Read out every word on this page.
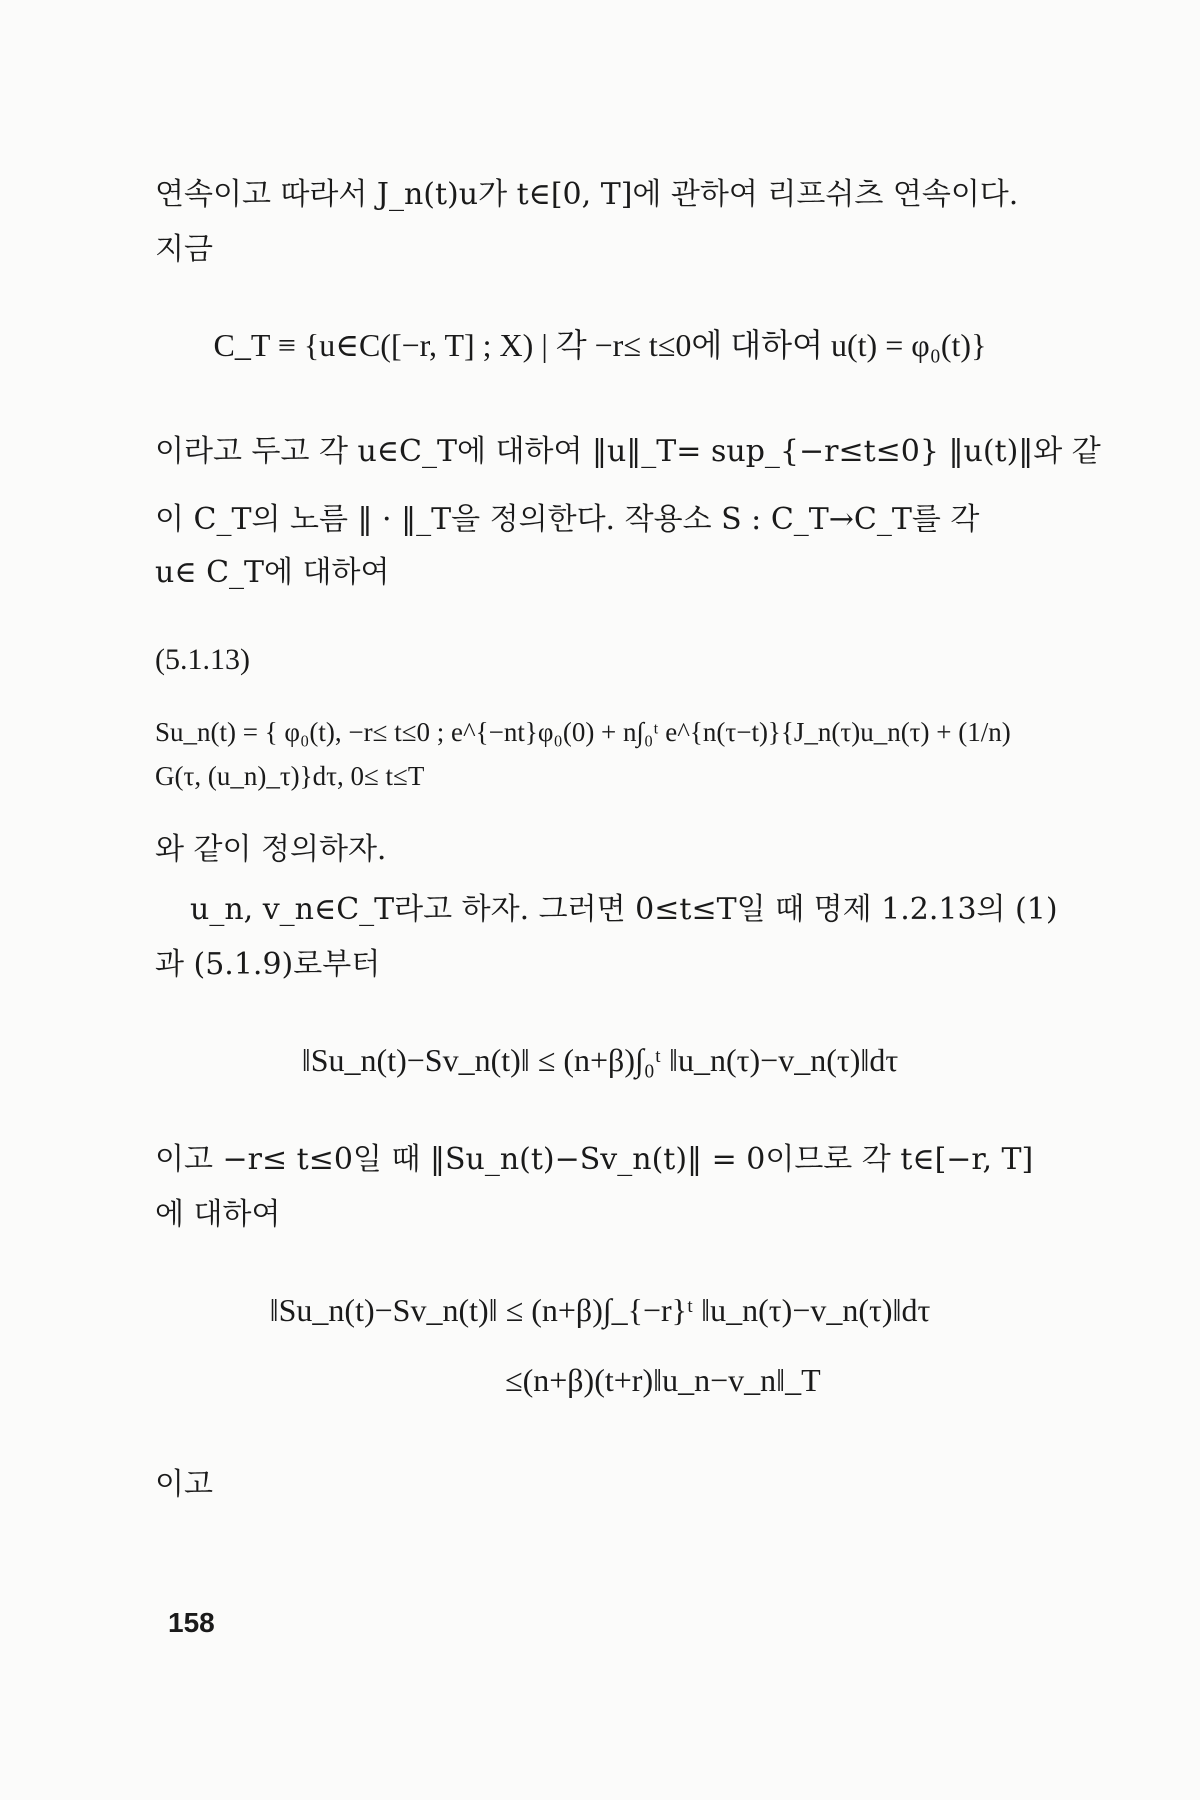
연속이고 따라서 J_n(t)u가 t∈[0, T]에 관하여 리프쉬츠 연속이다.
지금
C_T ≡ {u∈C([−r, T] ; X) | 각 −r≤ t≤0에 대하여 u(t) = φ₀(t)}
이라고 두고 각 u∈C_T에 대하여 ‖u‖_T= sup_{−r≤t≤0} ‖u(t)‖와 같
이 C_T의 노름 ‖ · ‖_T을 정의한다. 작용소 S : C_T→C_T를 각
u∈ C_T에 대하여
(5.1.13)
Su_n(t) = { φ₀(t), −r≤ t≤0 ; e^{−nt}φ₀(0) + n∫₀ᵗ e^{n(τ−t)}{J_n(τ)u_n(τ) + (1/n) G(τ, (u_n)_τ)}dτ, 0≤ t≤T
와 같이 정의하자.
u_n, v_n∈C_T라고 하자. 그러면 0≤t≤T일 때 명제 1.2.13의 (1)
과 (5.1.9)로부터
‖Su_n(t)−Sv_n(t)‖ ≤ (n+β)∫₀ᵗ ‖u_n(τ)−v_n(τ)‖dτ
이고 −r≤ t≤0일 때 ‖Su_n(t)−Sv_n(t)‖ = 0이므로 각 t∈[−r, T]
에 대하여
‖Su_n(t)−Sv_n(t)‖ ≤ (n+β)∫_{−r}ᵗ ‖u_n(τ)−v_n(τ)‖dτ
≤(n+β)(t+r)‖u_n−v_n‖_T
이고
158
